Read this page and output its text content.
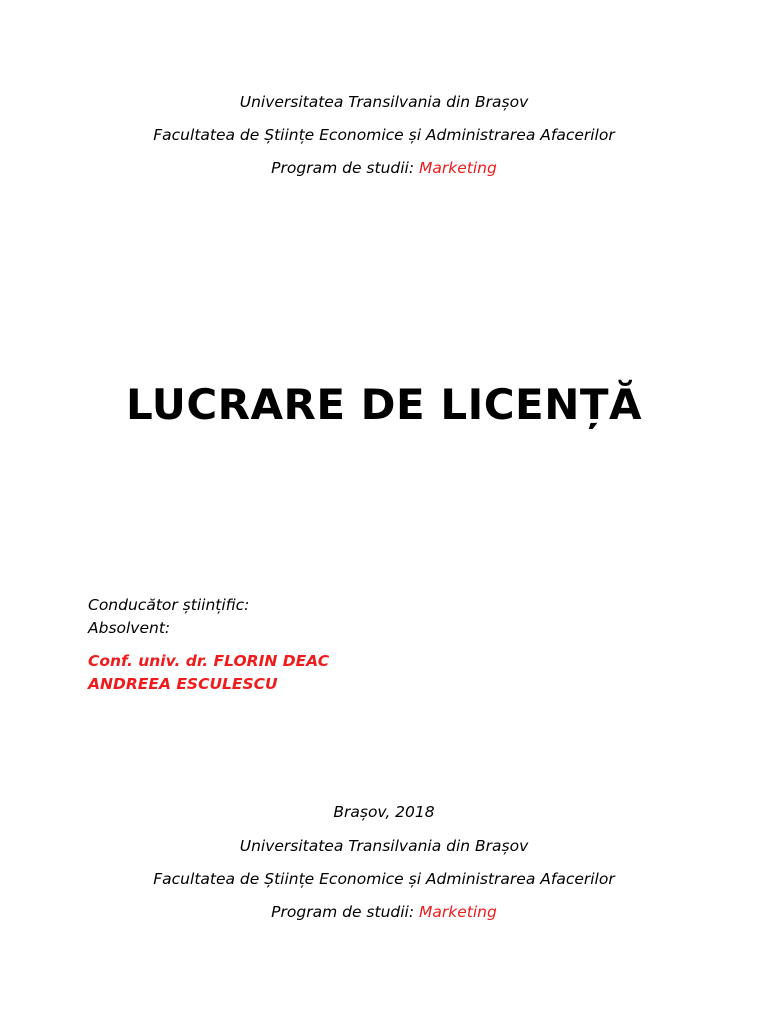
Universitatea Transilvania din Brașov
Facultatea de Științe Economice și Administrarea Afacerilor
Program de studii: Marketing
LUCRARE DE LICENȚĂ
Conducător științific:
Absolvent:
Conf. univ. dr. FLORIN DEAC
ANDREEA ESCULESCU
Brașov, 2018
Universitatea Transilvania din Brașov
Facultatea de Științe Economice și Administrarea Afacerilor
Program de studii: Marketing
